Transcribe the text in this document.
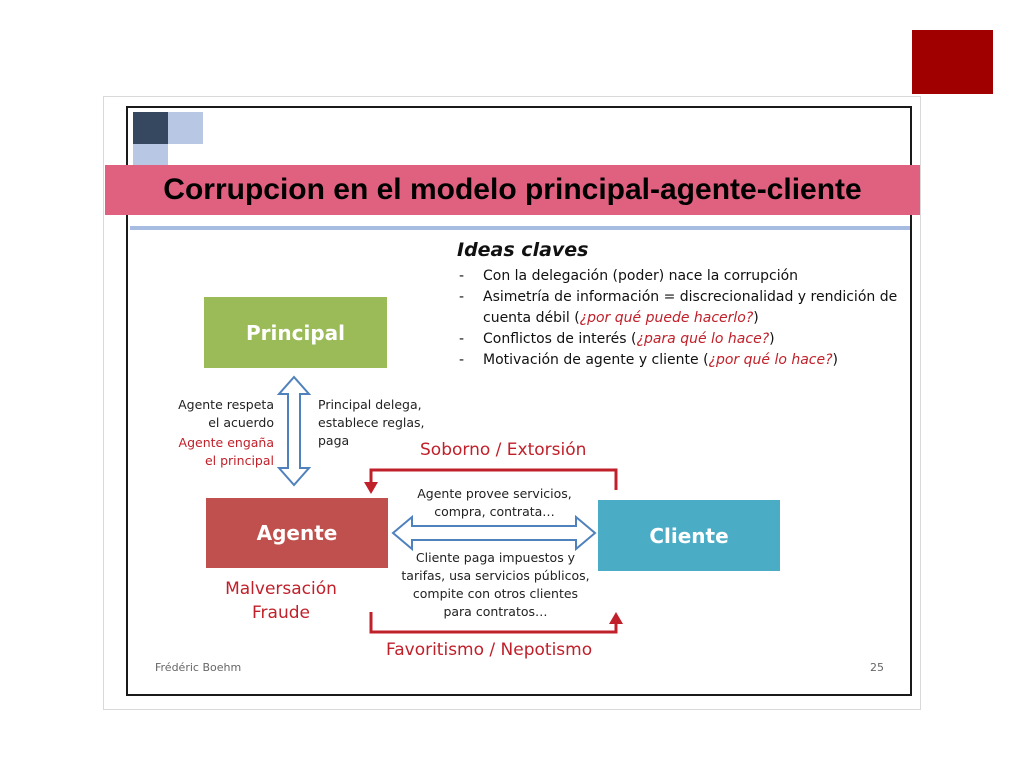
Corrupcion en el modelo principal-agente-cliente
Ideas claves
- Con la delegación (poder) nace la corrupción
- Asimetría de información = discrecionalidad y rendición de
cuenta débil (¿por qué puede hacerlo?)
- Conflictos de interés (¿para qué lo hace?)
- Motivación de agente y cliente (¿por qué lo hace?)
Principal
Agente	Cliente
Agente respeta
el acuerdo
Agente engaña
el principal
Principal delega,
establece reglas,
paga	Soborno / Extorsión
Agente provee servicios,
compra, contrata…
Cliente paga impuestos y
tarifas, usa servicios públicos,
compite con otros clientes
para contratos…
Malversación
Fraude
Favoritismo / Nepotismo
Frédéric Boehm	25
